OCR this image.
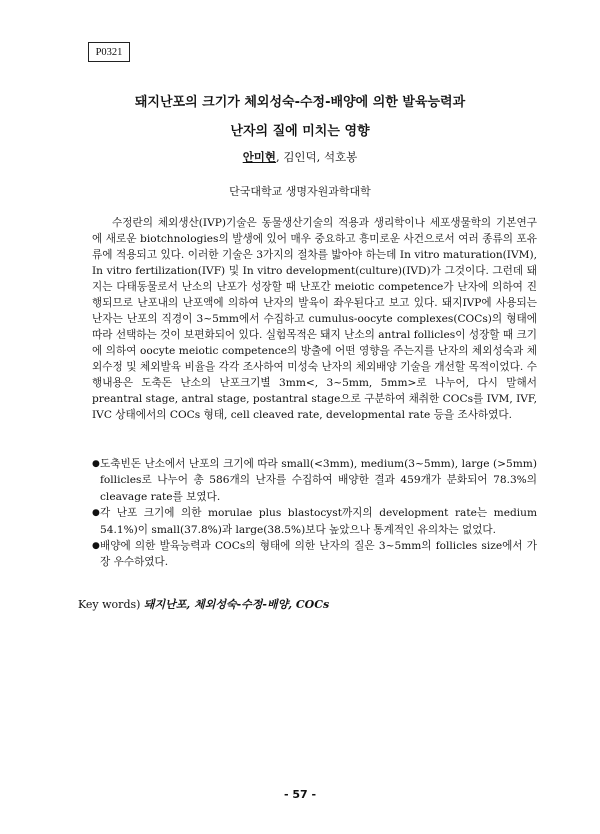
P0321
돼지난포의 크기가 체외성숙-수정-배양에 의한 발육능력과
난자의 질에 미치는 영향
안미현, 김인덕, 석호봉
단국대학교 생명자원과학대학

수정란의 체외생산(IVP)기술은 동물생산기술의 적용과 생리학이나 세포생물학의 기본연구에 새로운 biotchnologies의 발생에 있어 매우 중요하고 흥미로운 사건으로서 여러 종류의 포유류에 적용되고 있다. 이러한 기술은 3가지의 절차를 밟아야 하는데 In vitro maturation(IVM), In vitro fertilization(IVF) 및 In vitro development(culture)(IVD)가 그것이다. 그런데 돼지는 다태동물로서 난소의 난포가 성장할 때 난포간 meiotic competence가 난자에 의하여 진행되므로 난포내의 난포액에 의하여 난자의 발육이 좌우된다고 보고 있다. 돼지IVP에 사용되는 난자는 난포의 직경이 3~5mm에서 수집하고 cumulus-oocyte complexes(COCs)의 형태에 따라 선택하는 것이 보편화되어 있다. 실험목적은 돼지 난소의 antral follicles이 성장할 때 크기에 의하여 oocyte meiotic competence의 방출에 어떤 영향을 주는지를 난자의 체외성숙과 체외수정 및 체외발육 비율을 각각 조사하여 미성숙 난자의 체외배양 기술을 개선할 목적이었다. 수행내용은 도축돈 난소의 난포크기별 3mm<, 3~5mm, 5mm>로 나누어, 다시 말해서 preantral stage, antral stage, postantral stage으로 구분하여 채취한 COCs를 IVM, IVF, IVC 상태에서의 COCs 형태, cell cleaved rate, developmental rate 등을 조사하였다.

● 도축빈돈 난소에서 난포의 크기에 따라 small(<3mm), medium(3~5mm), large (>5mm) follicles로 나누어 총 586개의 난자를 수집하여 배양한 결과 459개가 분화되어 78.3%의 cleavage rate를 보였다.
● 각 난포 크기에 의한 morulae plus blastocyst까지의 development rate는 medium 54.1%)이 small(37.8%)과 large(38.5%)보다 높았으나 통계적인 유의차는 없었다.
● 배양에 의한 발육능력과 COCs의 형태에 의한 난자의 질은 3~5mm의 follicles size에서 가장 우수하였다.
Key words) 돼지난포, 체외성숙-수정-배양, COCs
- 57 -
